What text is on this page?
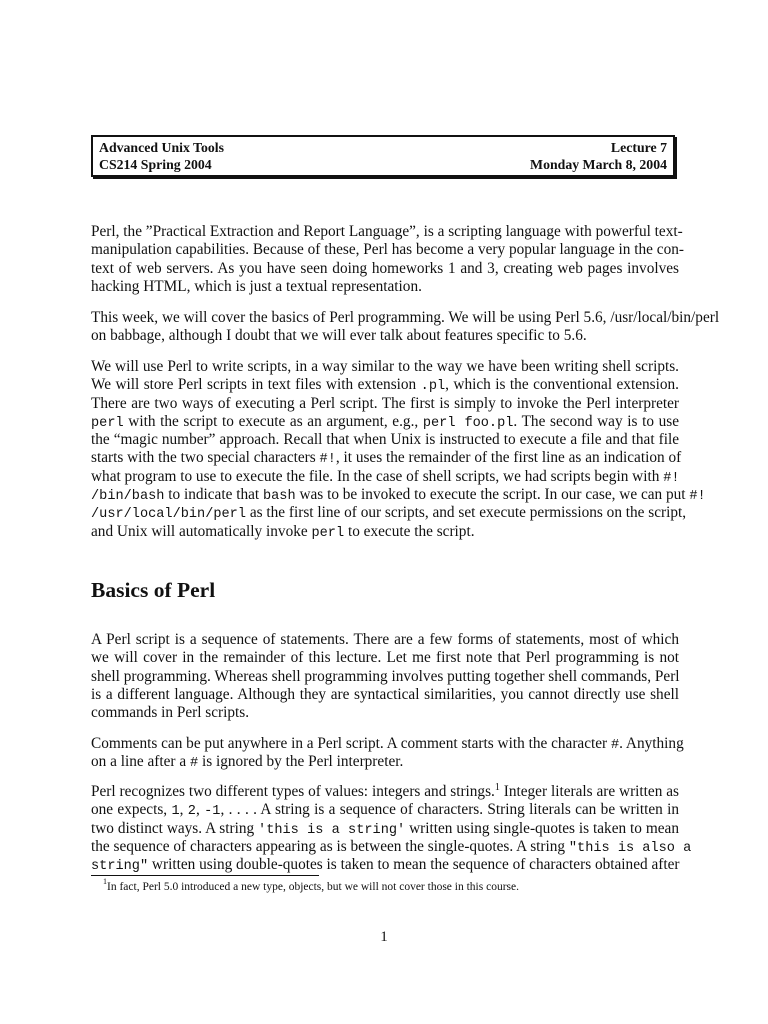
Advanced Unix Tools	Lecture 7
CS214 Spring 2004	Monday March 8, 2004
Perl, the ”Practical Extraction and Report Language”, is a scripting language with powerful text-
manipulation capabilities. Because of these, Perl has become a very popular language in the con-
text of web servers. As you have seen doing homeworks 1 and 3, creating web pages involves
hacking HTML, which is just a textual representation.
This week, we will cover the basics of Perl programming. We will be using Perl 5.6, /usr/local/bin/perl
on babbage, although I doubt that we will ever talk about features specific to 5.6.
We will use Perl to write scripts, in a way similar to the way we have been writing shell scripts.
We will store Perl scripts in text files with extension .pl, which is the conventional extension.
There are two ways of executing a Perl script. The first is simply to invoke the Perl interpreter
perl with the script to execute as an argument, e.g., perl foo.pl. The second way is to use
the “magic number” approach. Recall that when Unix is instructed to execute a file and that file
starts with the two special characters #!, it uses the remainder of the first line as an indication of
what program to use to execute the file. In the case of shell scripts, we had scripts begin with #!
/bin/bash to indicate that bash was to be invoked to execute the script. In our case, we can put #!
/usr/local/bin/perl as the first line of our scripts, and set execute permissions on the script,
and Unix will automatically invoke perl to execute the script.
Basics of Perl
A Perl script is a sequence of statements. There are a few forms of statements, most of which
we will cover in the remainder of this lecture. Let me first note that Perl programming is not
shell programming. Whereas shell programming involves putting together shell commands, Perl
is a different language. Although they are syntactical similarities, you cannot directly use shell
commands in Perl scripts.
Comments can be put anywhere in a Perl script. A comment starts with the character #. Anything
on a line after a # is ignored by the Perl interpreter.
Perl recognizes two different types of values: integers and strings.$^1$ Integer literals are written as
one expects, 1, 2, -1, . . . . A string is a sequence of characters. String literals can be written in
two distinct ways. A string 'this is a string' written using single-quotes is taken to mean
the sequence of characters appearing as is between the single-quotes. A string "this is also a
string" written using double-quotes is taken to mean the sequence of characters obtained after
$^1$In fact, Perl 5.0 introduced a new type, objects, but we will not cover those in this course.
1
